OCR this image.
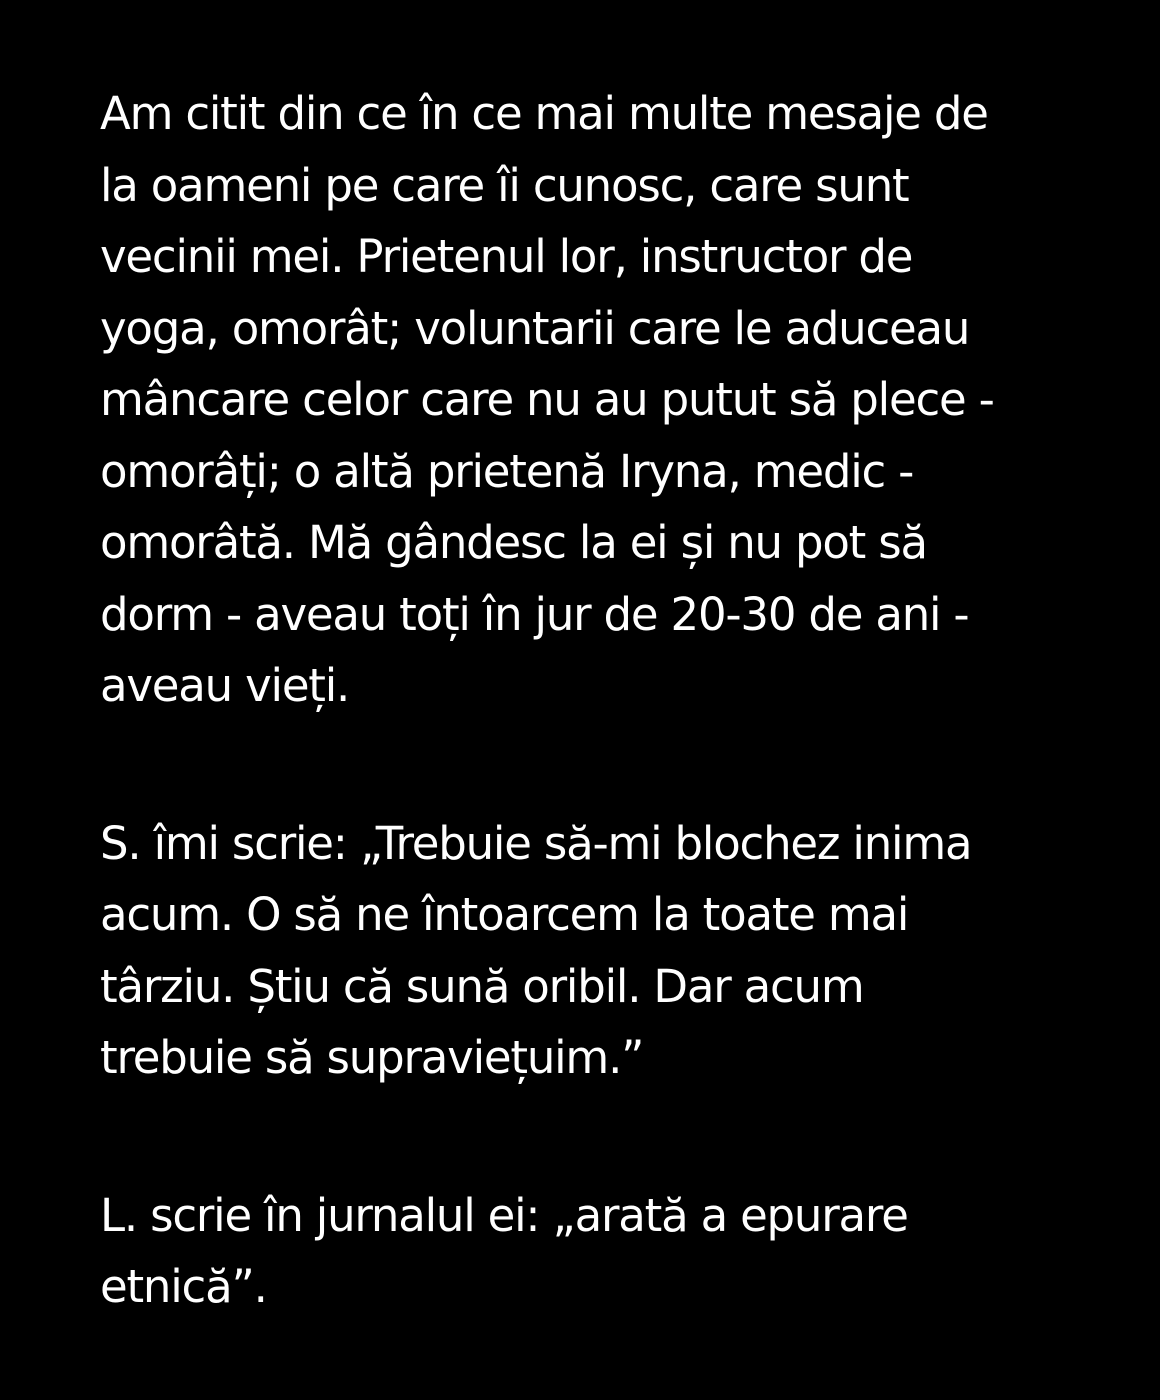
Am citit din ce în ce mai multe mesaje de
la oameni pe care îi cunosc, care sunt
vecinii mei. Prietenul lor, instructor de
yoga, omorât; voluntarii care le aduceau
mâncare celor care nu au putut să plece -
omorâți; o altă prietenă Iryna, medic -
omorâtă. Mă gândesc la ei și nu pot să
dorm - aveau toți în jur de 20-30 de ani -
aveau vieți.

S. îmi scrie: „Trebuie să-mi blochez inima
acum. O să ne întoarcem la toate mai
târziu. Știu că sună oribil. Dar acum
trebuie să supraviețuim.”

L. scrie în jurnalul ei: „arată a epurare
etnică”.
